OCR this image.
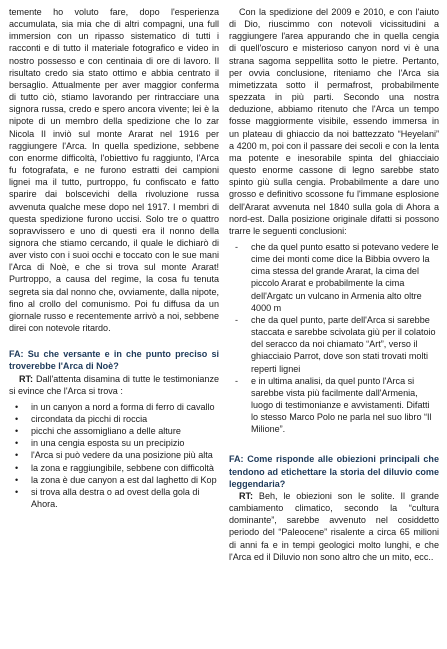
temente ho voluto fare, dopo l'esperienza accumulata, sia mia che di altri compagni, una full immersion con un ripasso sistematico di tutti i racconti e di tutto il materiale fotografico e video in nostro possesso e con centinaia di ore di lavoro. Il risultato credo sia stato ottimo e abbia centrato il bersaglio. Attualmente per aver maggior conferma di tutto ciò, stiamo lavorando per rintracciare una signora russa, credo e spero ancora vivente; lei è la nipote di un membro della spedizione che lo zar Nicola II inviò sul monte Ararat nel 1916 per raggiungere l'Arca. In quella spedizione, sebbene con enorme difficoltà, l'obiettivo fu raggiunto, l'Arca fu fotografata, e ne furono estratti dei campioni lignei ma il tutto, purtroppo, fu confiscato e fatto sparire dai bolscevichi della rivoluzione russa avvenuta qualche mese dopo nel 1917. I membri di questa spedizione furono uccisi. Solo tre o quattro sopravvissero e uno di questi era il nonno della signora che stiamo cercando, il quale le dichiarò di aver visto con i suoi occhi e toccato con le sue mani l'Arca di Noè, e che si trova sul monte Ararat! Purtroppo, a causa del regime, la cosa fu tenuta segreta sia dal nonno che, ovviamente, dalla nipote, fino al crollo del comunismo. Poi fu diffusa da un giornale russo e recentemente arrivò a noi, sebbene direi con notevole ritardo.

FA: Su che versante e in che punto preciso si troverebbe l'Arca di Noè?

RT: Dall'attenta disamina di tutte le testimonianze si evince che l'Arca si trova :

•
in un canyon a nord a forma di ferro di cavallo
•
circondata da picchi di roccia
•
picchi che assomigliano a delle alture
•
in una cengia esposta su un precipizio
•
l'Arca si può vedere da una posizione più alta
•
la zona e raggiungibile, sebbene con difficoltà
•
la zona è due canyon a est dal laghetto di Kop
•
si trova alla destra o ad ovest della gola di Ahora.

Con la spedizione del 2009 e 2010, e con l'aiuto di Dio, riuscimmo con notevoli vicissitudini a raggiungere l'area appurando che in quella cengia di quell'oscuro e misterioso canyon nord vi è una strana sagoma seppellita sotto le pietre. Pertanto, per ovvia conclusione, riteniamo che l'Arca sia mimetizzata sotto il permafrost, probabilmente spezzata in più parti. Secondo una nostra deduzione, abbiamo ritenuto che l'Arca un tempo fosse maggiormente visibile, essendo immersa in un plateau di ghiaccio da noi battezzato “Heyelani” a 4200 m, poi con il passare dei secoli e con la lenta ma potente e inesorabile spinta del ghiacciaio questo enorme cassone di legno sarebbe stato spinto giù sulla cengia. Probabilmente a dare uno grosso e definitivo scossone fu l'immane esplosione dell'Ararat avvenuta nel 1840 sulla gola di Ahora a nord-est. Dalla posizione originale difatti si possono trarre le seguenti conclusioni:

-
che da quel punto esatto si potevano vedere le cime dei monti come dice la Bibbia ovvero la cima stessa del grande Ararat, la cima del piccolo Ararat e probabilmente la cima dell'Argatc un vulcano in Armenia alto oltre 4000 m
-
che da quel punto, parte dell'Arca si sarebbe staccata e sarebbe scivolata giù per il colatoio del seracco da noi chiamato “Art”, verso il ghiacciaio Parrot, dove son stati trovati molti reperti lignei
-
e in ultima analisi, da quel punto l'Arca si sarebbe vista più facilmente dall'Armenia, luogo di testimonianze e avvistamenti. Difatti lo stesso Marco Polo ne parla nel suo libro “Il Milione”.

FA: Come risponde alle obiezioni principali che tendono ad etichettare la storia del diluvio come leggendaria?

RT: Beh, le obiezioni son le solite. Il grande cambiamento climatico, secondo la “cultura dominante”, sarebbe avvenuto nel cosiddetto periodo del “Paleocene” risalente a circa 65 milioni di anni fa e in tempi geologici molto lunghi, e che l'Arca ed il Diluvio non sono altro che un mito, ecc..
